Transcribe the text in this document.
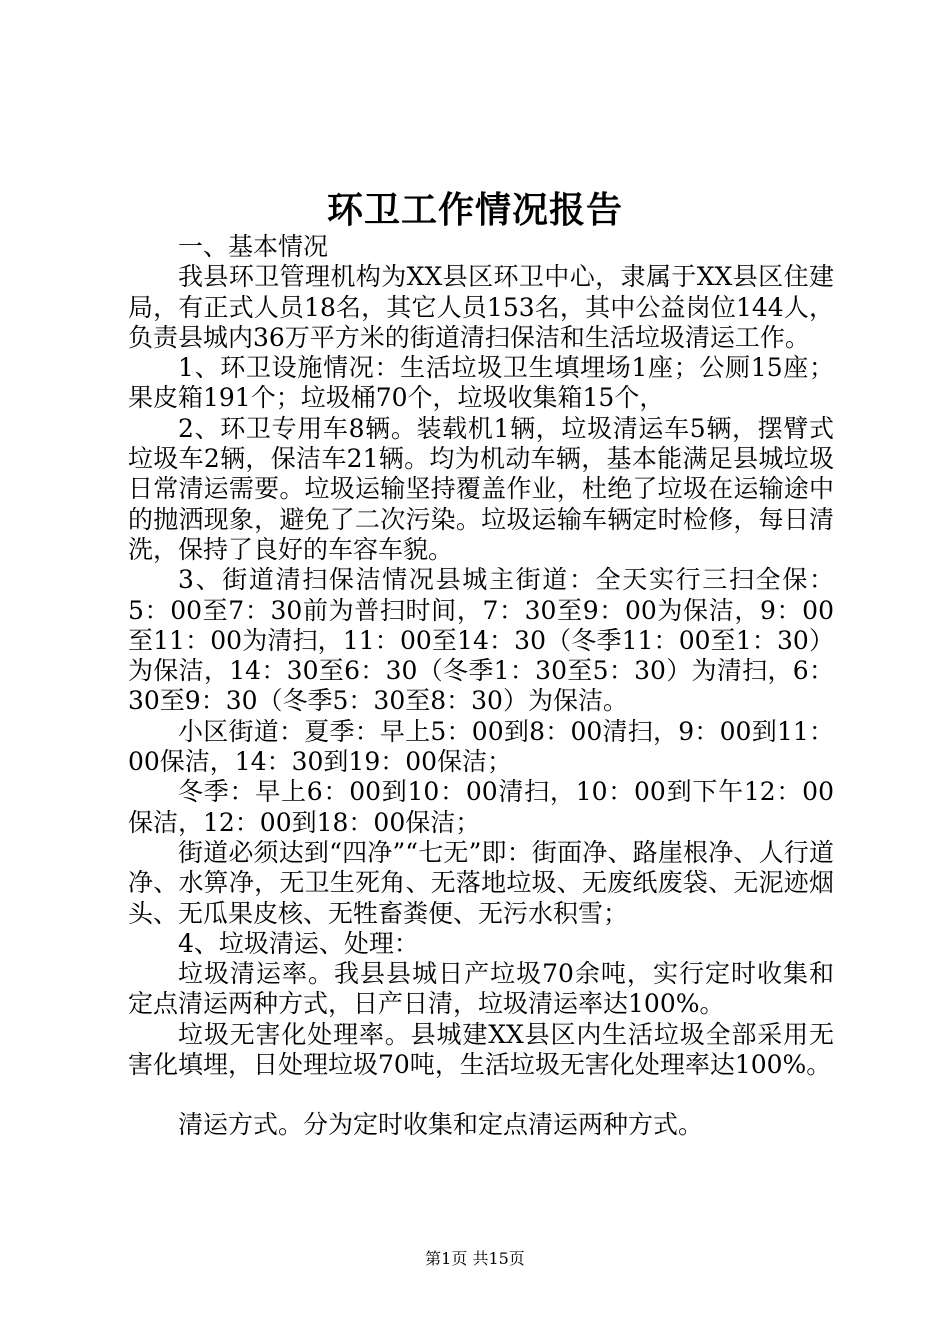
环卫工作情况报告

一、基本情况

我县环卫管理机构为XX县区环卫中心，隶属于XX县区住建局，有正式人员18名，其它人员153名，其中公益岗位144人，负责县城内36万平方米的街道清扫保洁和生活垃圾清运工作。

1、环卫设施情况：生活垃圾卫生填埋场1座；公厕15座；果皮箱191个；垃圾桶70个，垃圾收集箱15个，

2、环卫专用车8辆。装载机1辆，垃圾清运车5辆，摆臂式垃圾车2辆，保洁车21辆。均为机动车辆，基本能满足县城垃圾日常清运需要。垃圾运输坚持覆盖作业，杜绝了垃圾在运输途中的抛洒现象，避免了二次污染。垃圾运输车辆定时检修，每日清洗，保持了良好的车容车貌。

3、街道清扫保洁情况县城主街道：全天实行三扫全保：5：00至7：30前为普扫时间，7：30至9：00为保洁，9：00至11：00为清扫，11：00至14：30（冬季11：00至1：30）为保洁，14：30至6：30（冬季1：30至5：30）为清扫，6：30至9：30（冬季5：30至8：30）为保洁。

小区街道：夏季：早上5：00到8：00清扫，9：00到11：00保洁，14：30到19：00保洁；

冬季：早上6：00到10：00清扫，10：00到下午12：00保洁，12：00到18：00保洁；

街道必须达到“四净”“七无”即：街面净、路崖根净、人行道净、水箅净，无卫生死角、无落地垃圾、无废纸废袋、无泥迹烟头、无瓜果皮核、无牲畜粪便、无污水积雪；

4、垃圾清运、处理：

垃圾清运率。我县县城日产垃圾70余吨，实行定时收集和定点清运两种方式，日产日清，垃圾清运率达100%。

垃圾无害化处理率。县城建XX县区内生活垃圾全部采用无害化填埋，日处理垃圾70吨，生活垃圾无害化处理率达100%。

清运方式。分为定时收集和定点清运两种方式。

第1页 共15页
